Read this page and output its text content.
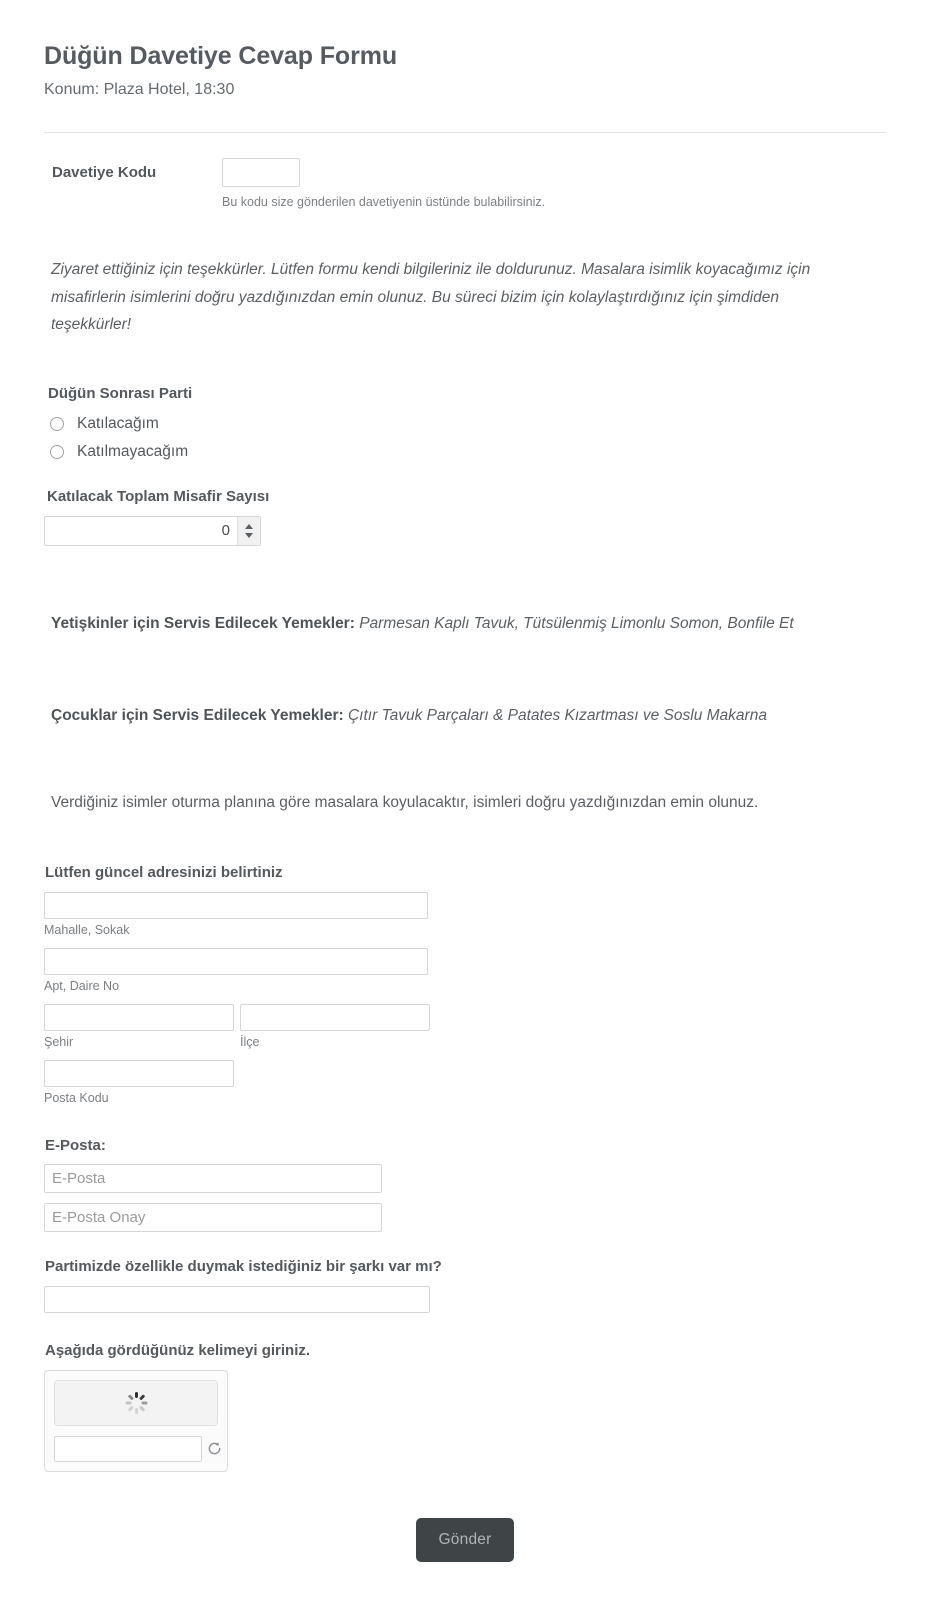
Düğün Davetiye Cevap Formu

Konum: Plaza Hotel, 18:30

Davetiye Kodu
Bu kodu size gönderilen davetiyenin üstünde bulabilirsiniz.

Ziyaret ettiğiniz için teşekkürler. Lütfen formu kendi bilgileriniz ile doldurunuz. Masalara isimlik koyacağımız için misafirlerin isimlerini doğru yazdığınızdan emin olunuz. Bu süreci bizim için kolaylaştırdığınız için şimdiden teşekkürler!

Düğün Sonrası Parti
Katılacağım
Katılmayacağım
Katılacak Toplam Misafir Sayısı
0
Yetişkinler için Servis Edilecek Yemekler: Parmesan Kaplı Tavuk, Tütsülenmiş Limonlu Somon, Bonfile Et
Çocuklar için Servis Edilecek Yemekler: Çıtır Tavuk Parçaları & Patates Kızartması ve Soslu Makarna
Verdiğiniz isimler oturma planına göre masalara koyulacaktır, isimleri doğru yazdığınızdan emin olunuz.
Lütfen güncel adresinizi belirtiniz
Mahalle, Sokak
Apt, Daire No
Şehir	İlçe
Posta Kodu
E-Posta:
E-Posta
E-Posta Onay
Partimizde özellikle duymak istediğiniz bir şarkı var mı?
Aşağıda gördüğünüz kelimeyi giriniz.
Gönder
